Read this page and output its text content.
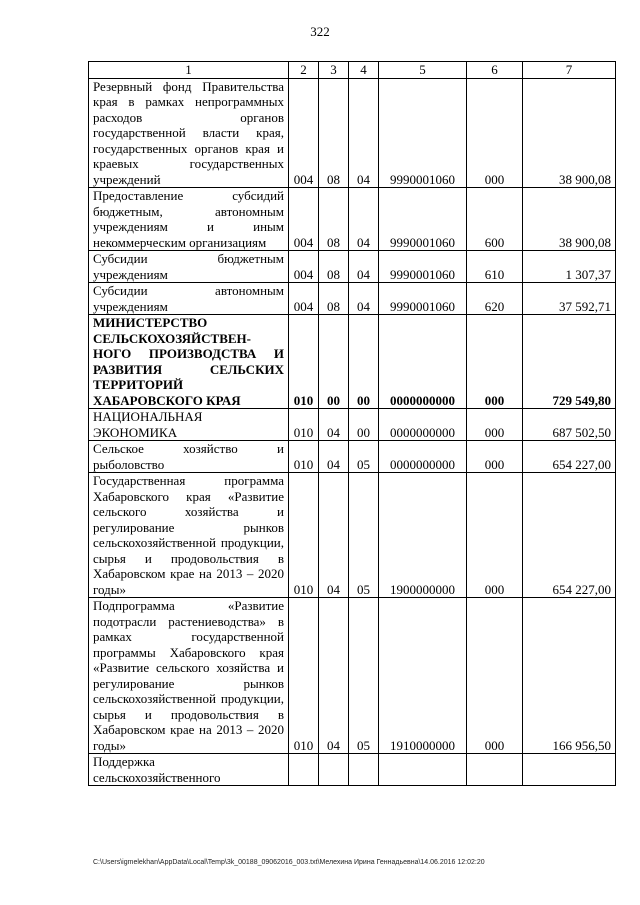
322
1	2	3	4	5	6	7
Резервный фонд Правительства края в рамках непрограммных расходов органов государственной власти края, государственных органов края и краевых государственных учреждений	004	08	04	9990001060	000	38 900,08
Предоставление субсидий бюджетным, автономным учреждениям и иным некоммерческим организациям	004	08	04	9990001060	600	38 900,08
Субсидии бюджетным учреждениям	004	08	04	9990001060	610	1 307,37
Субсидии автономным учреждениям	004	08	04	9990001060	620	37 592,71
МИНИСТЕРСТВО СЕЛЬСКОХОЗЯЙСТВЕН-НОГО ПРОИЗВОДСТВА И РАЗВИТИЯ СЕЛЬСКИХ ТЕРРИТОРИЙ ХАБАРОВСКОГО КРАЯ	010	00	00	0000000000	000	729 549,80
НАЦИОНАЛЬНАЯ ЭКОНОМИКА	010	04	00	0000000000	000	687 502,50
Сельское хозяйство и рыболовство	010	04	05	0000000000	000	654 227,00
Государственная программа Хабаровского края «Развитие сельского хозяйства и регулирование рынков сельскохозяйственной продукции, сырья и продовольствия в Хабаровском крае на 2013 – 2020 годы»	010	04	05	1900000000	000	654 227,00
Подпрограмма «Развитие подотрасли растениеводства» в рамках государственной программы Хабаровского края «Развитие сельского хозяйства и регулирование рынков сельскохозяйственной продукции, сырья и продовольствия в Хабаровском крае на 2013 – 2020 годы»	010	04	05	1910000000	000	166 956,50
Поддержка сельскохозяйственного						
C:\Users\igmelekhan\AppData\Local\Temp\3k_00188_09062016_003.txt\Мелехина Ирина Геннадьевна\14.06.2016 12:02:20
